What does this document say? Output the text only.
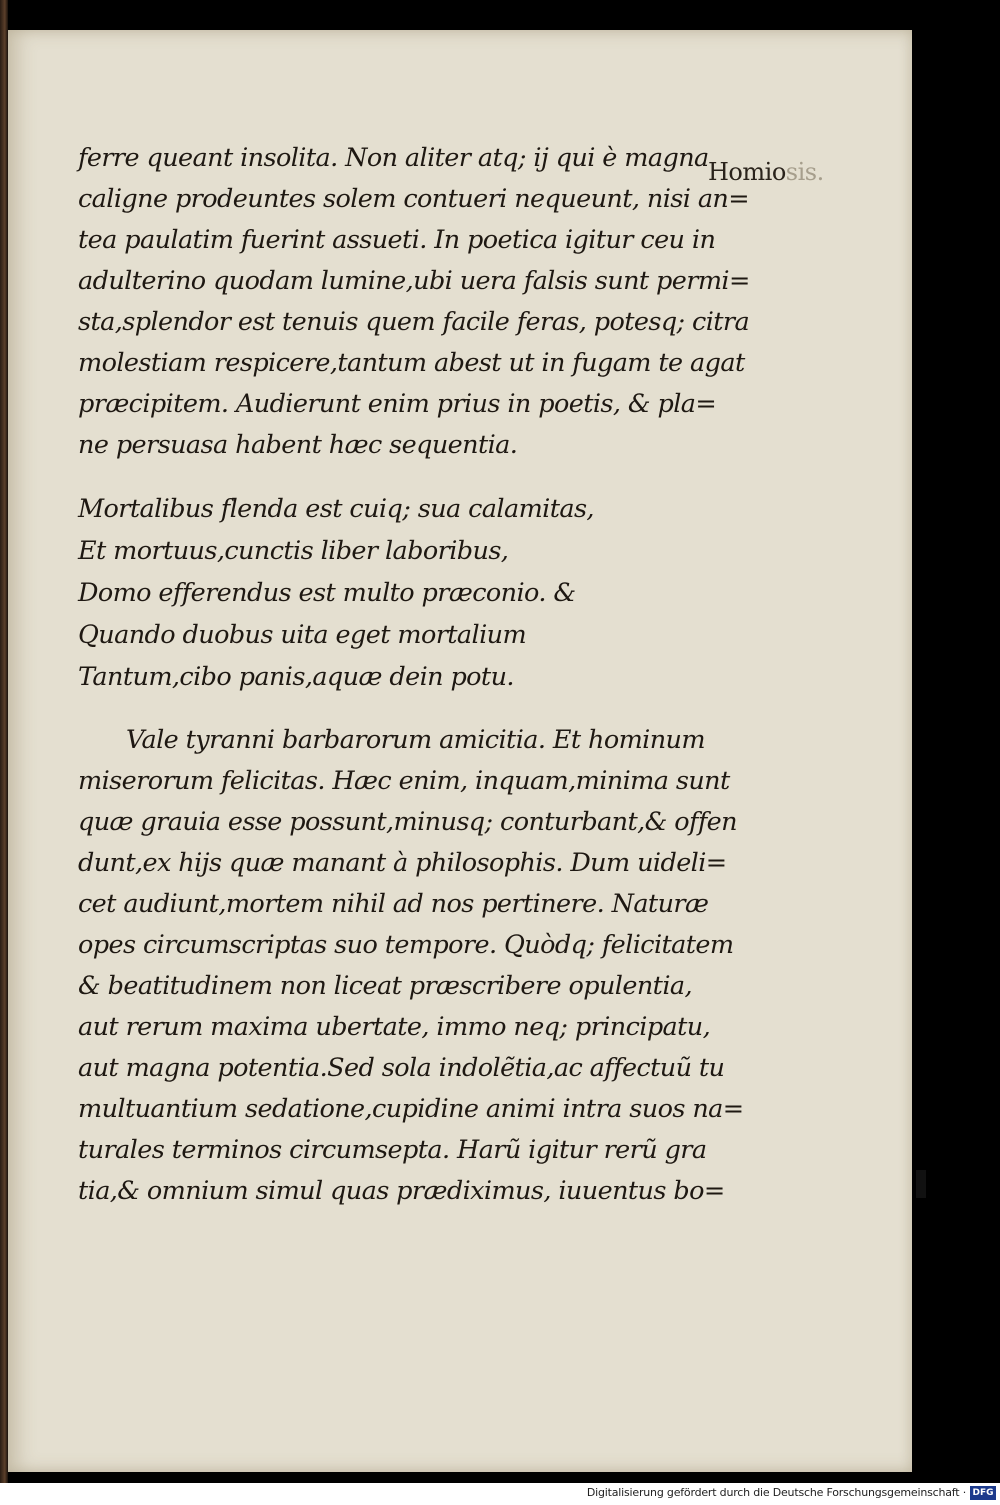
ferre queant insolita. Non aliter atq; ij qui è magna
caligne prodeuntes solem contueri nequeunt, nisi an=
tea paulatim fuerint assueti. In poetica igitur ceu in
adulterino quodam lumine,ubi uera falsis sunt permi=
sta,splendor est tenuis quem facile feras, potesq; citra
molestiam respicere,tantum abest ut in fugam te agat
præcipitem. Audierunt enim prius in poetis, & pla=
ne persuasa habent hæc sequentia.
Mortalibus flenda est cuiq; sua calamitas,
Et mortuus,cunctis liber laboribus,
Domo efferendus est multo præconio. &
Quando duobus uita eget mortalium
Tantum,cibo panis,aquæ dein potu.
Vale tyranni barbarorum amicitia. Et hominum
miserorum felicitas. Hæc enim, inquam,minima sunt
quæ grauia esse possunt,minusq; conturbant,& offen
dunt,ex hijs quæ manant à philosophis. Dum uideli=
cet audiunt,mortem nihil ad nos pertinere. Naturæ
opes circumscriptas suo tempore. Quòdq; felicitatem
& beatitudinem non liceat præscribere opulentia,
aut rerum maxima ubertate, immo neq; principatu,
aut magna potentia.Sed sola indolẽtia,ac affectuũ tu
multuantium sedatione,cupidine animi intra suos na=
turales terminos circumsepta. Harũ igitur rerũ gra
tia,& omnium simul quas prædiximus, iuuentus bo=
Homiosis.
Digitalisierung gefördert durch die Deutsche Forschungsgemeinschaft · DFG
